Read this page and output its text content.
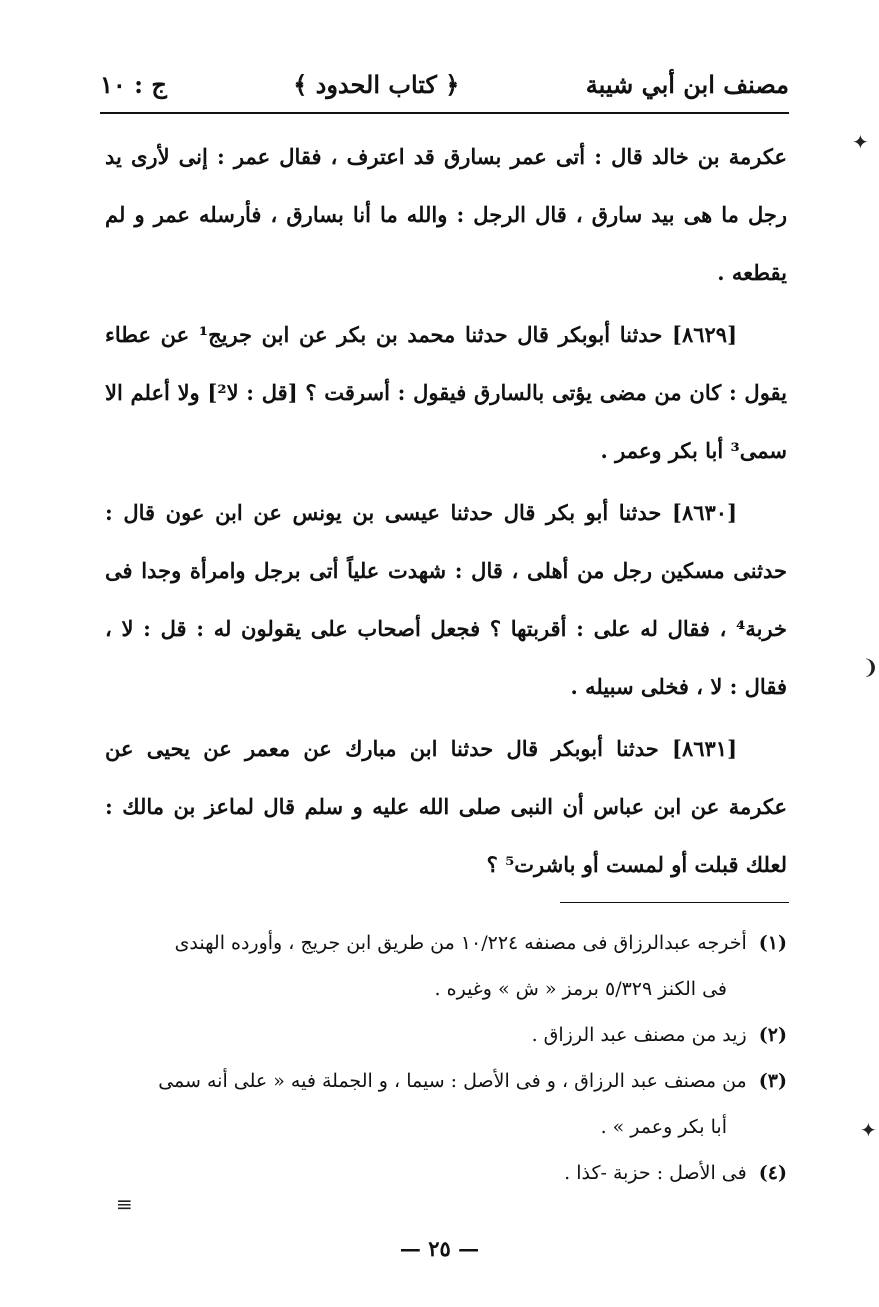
مصنف ابن أبي شيبة
﴿ كتاب الحدود ﴾
ج : ١٠

عكرمة بن خالد قال : أتى عمر بسارق قد اعترف ، فقال عمر : إنى لأرى يد رجل ما هى بيد سارق ، قال الرجل : والله ما أنا بسارق ، فأرسله عمر و لم يقطعه .

[٨٦٢٩] حدثنا أبوبكر قال حدثنا محمد بن بكر عن ابن جريج¹ عن عطاء يقول : كان من مضى يؤتى بالسارق فيقول : أسرقت ؟ [قل : لا²] ولا أعلم الا سمى³ أبا بكر وعمر .

[٨٦٣٠] حدثنا أبو بكر قال حدثنا عيسى بن يونس عن ابن عون قال : حدثنى مسكين رجل من أهلى ، قال : شهدت علياً أتى برجل وامرأة وجدا فى خربة⁴ ، فقال له على : أقربتها ؟ فجعل أصحاب على يقولون له : قل : لا ، فقال : لا ، فخلى سبيله .

[٨٦٣١] حدثنا أبوبكر قال حدثنا ابن مبارك عن معمر عن يحيى عن عكرمة عن ابن عباس أن النبى صلى الله عليه و سلم قال لماعز بن مالك : لعلك قبلت أو لمست أو باشرت⁵ ؟

(١) أخرجه عبدالرزاق فى مصنفه ١٠/٢٢٤ من طريق ابن جريج ، وأورده الهندى
فى الكنز ٥/٣٢٩ برمز « ش » وغيره .
(٢) زيد من مصنف عبد الرزاق .
(٣) من مصنف عبد الرزاق ، و فى الأصل : سيما ، و الجملة فيه « على أنه سمى
أبا بكر وعمر » .
(٤) فى الأصل : حزبة -كذا .
— ٢٥ —
✦
❨
✦
≡
